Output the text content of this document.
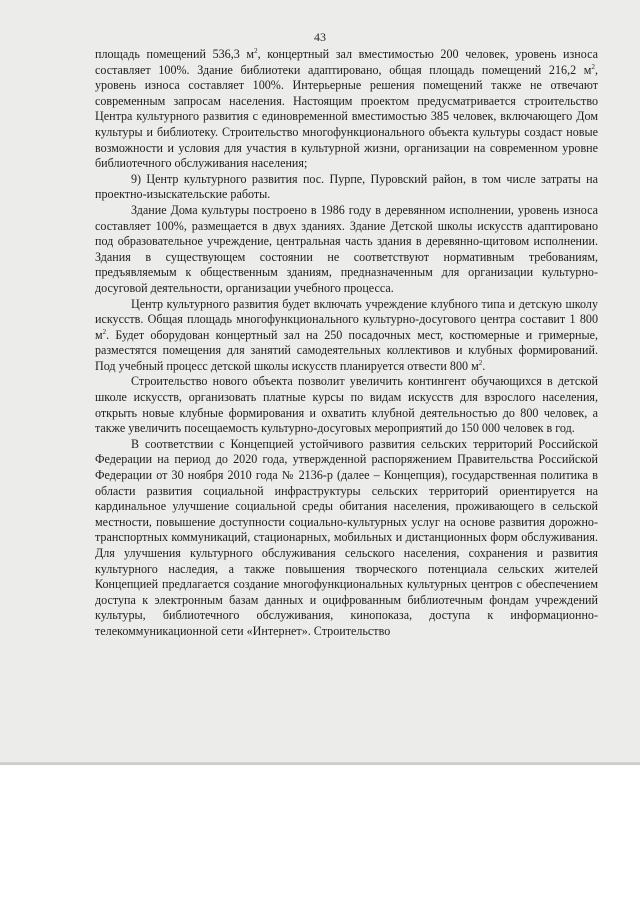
43

площадь помещений 536,3 $м^2$, концертный зал вместимостью 200 человек, уровень износа составляет 100%. Здание библиотеки адаптировано, общая площадь помещений 216,2 $м^2$, уровень износа составляет 100%. Интерьерные решения помещений также не отвечают современным запросам населения. Настоящим проектом предусматривается строительство Центра культурного развития с единовременной вместимостью 385 человек, включающего Дом культуры и библиотеку. Строительство многофункционального объекта культуры создаст новые возможности и условия для участия в культурной жизни, организации на современном уровне библиотечного обслуживания населения;

9) Центр культурного развития пос. Пурпе, Пуровский район, в том числе затраты на проектно-изыскательские работы.

Здание Дома культуры построено в 1986 году в деревянном исполнении, уровень износа составляет 100%, размещается в двух зданиях. Здание Детской школы искусств адаптировано под образовательное учреждение, центральная часть здания в деревянно-щитовом исполнении. Здания в существующем состоянии не соответствуют нормативным требованиям, предъявляемым к общественным зданиям, предназначенным для организации культурно-досуговой деятельности, организации учебного процесса.

Центр культурного развития будет включать учреждение клубного типа и детскую школу искусств. Общая площадь многофункционального культурно-досугового центра составит 1 800 $м^2$. Будет оборудован концертный зал на 250 посадочных мест, костюмерные и гримерные, разместятся помещения для занятий самодеятельных коллективов и клубных формирований. Под учебный процесс детской школы искусств планируется отвести 800 $м^2$.

Строительство нового объекта позволит увеличить контингент обучающихся в детской школе искусств, организовать платные курсы по видам искусств для взрослого населения, открыть новые клубные формирования и охватить клубной деятельностью до 800 человек, а также увеличить посещаемость культурно-досуговых мероприятий до 150 000 человек в год.

В соответствии с Концепцией устойчивого развития сельских территорий Российской Федерации на период до 2020 года, утвержденной распоряжением Правительства Российской Федерации от 30 ноября 2010 года № 2136-р (далее – Концепция), государственная политика в области развития социальной инфраструктуры сельских территорий ориентируется на кардинальное улучшение социальной среды обитания населения, проживающего в сельской местности, повышение доступности социально-культурных услуг на основе развития дорожно-транспортных коммуникаций, стационарных, мобильных и дистанционных форм обслуживания. Для улучшения культурного обслуживания сельского населения, сохранения и развития культурного наследия, а также повышения творческого потенциала сельских жителей Концепцией предлагается создание многофункциональных культурных центров с обеспечением доступа к электронным базам данных и оцифрованным библиотечным фондам учреждений культуры, библиотечного обслуживания, кинопоказа, доступа к информационно-телекоммуникационной сети «Интернет». Строительство
